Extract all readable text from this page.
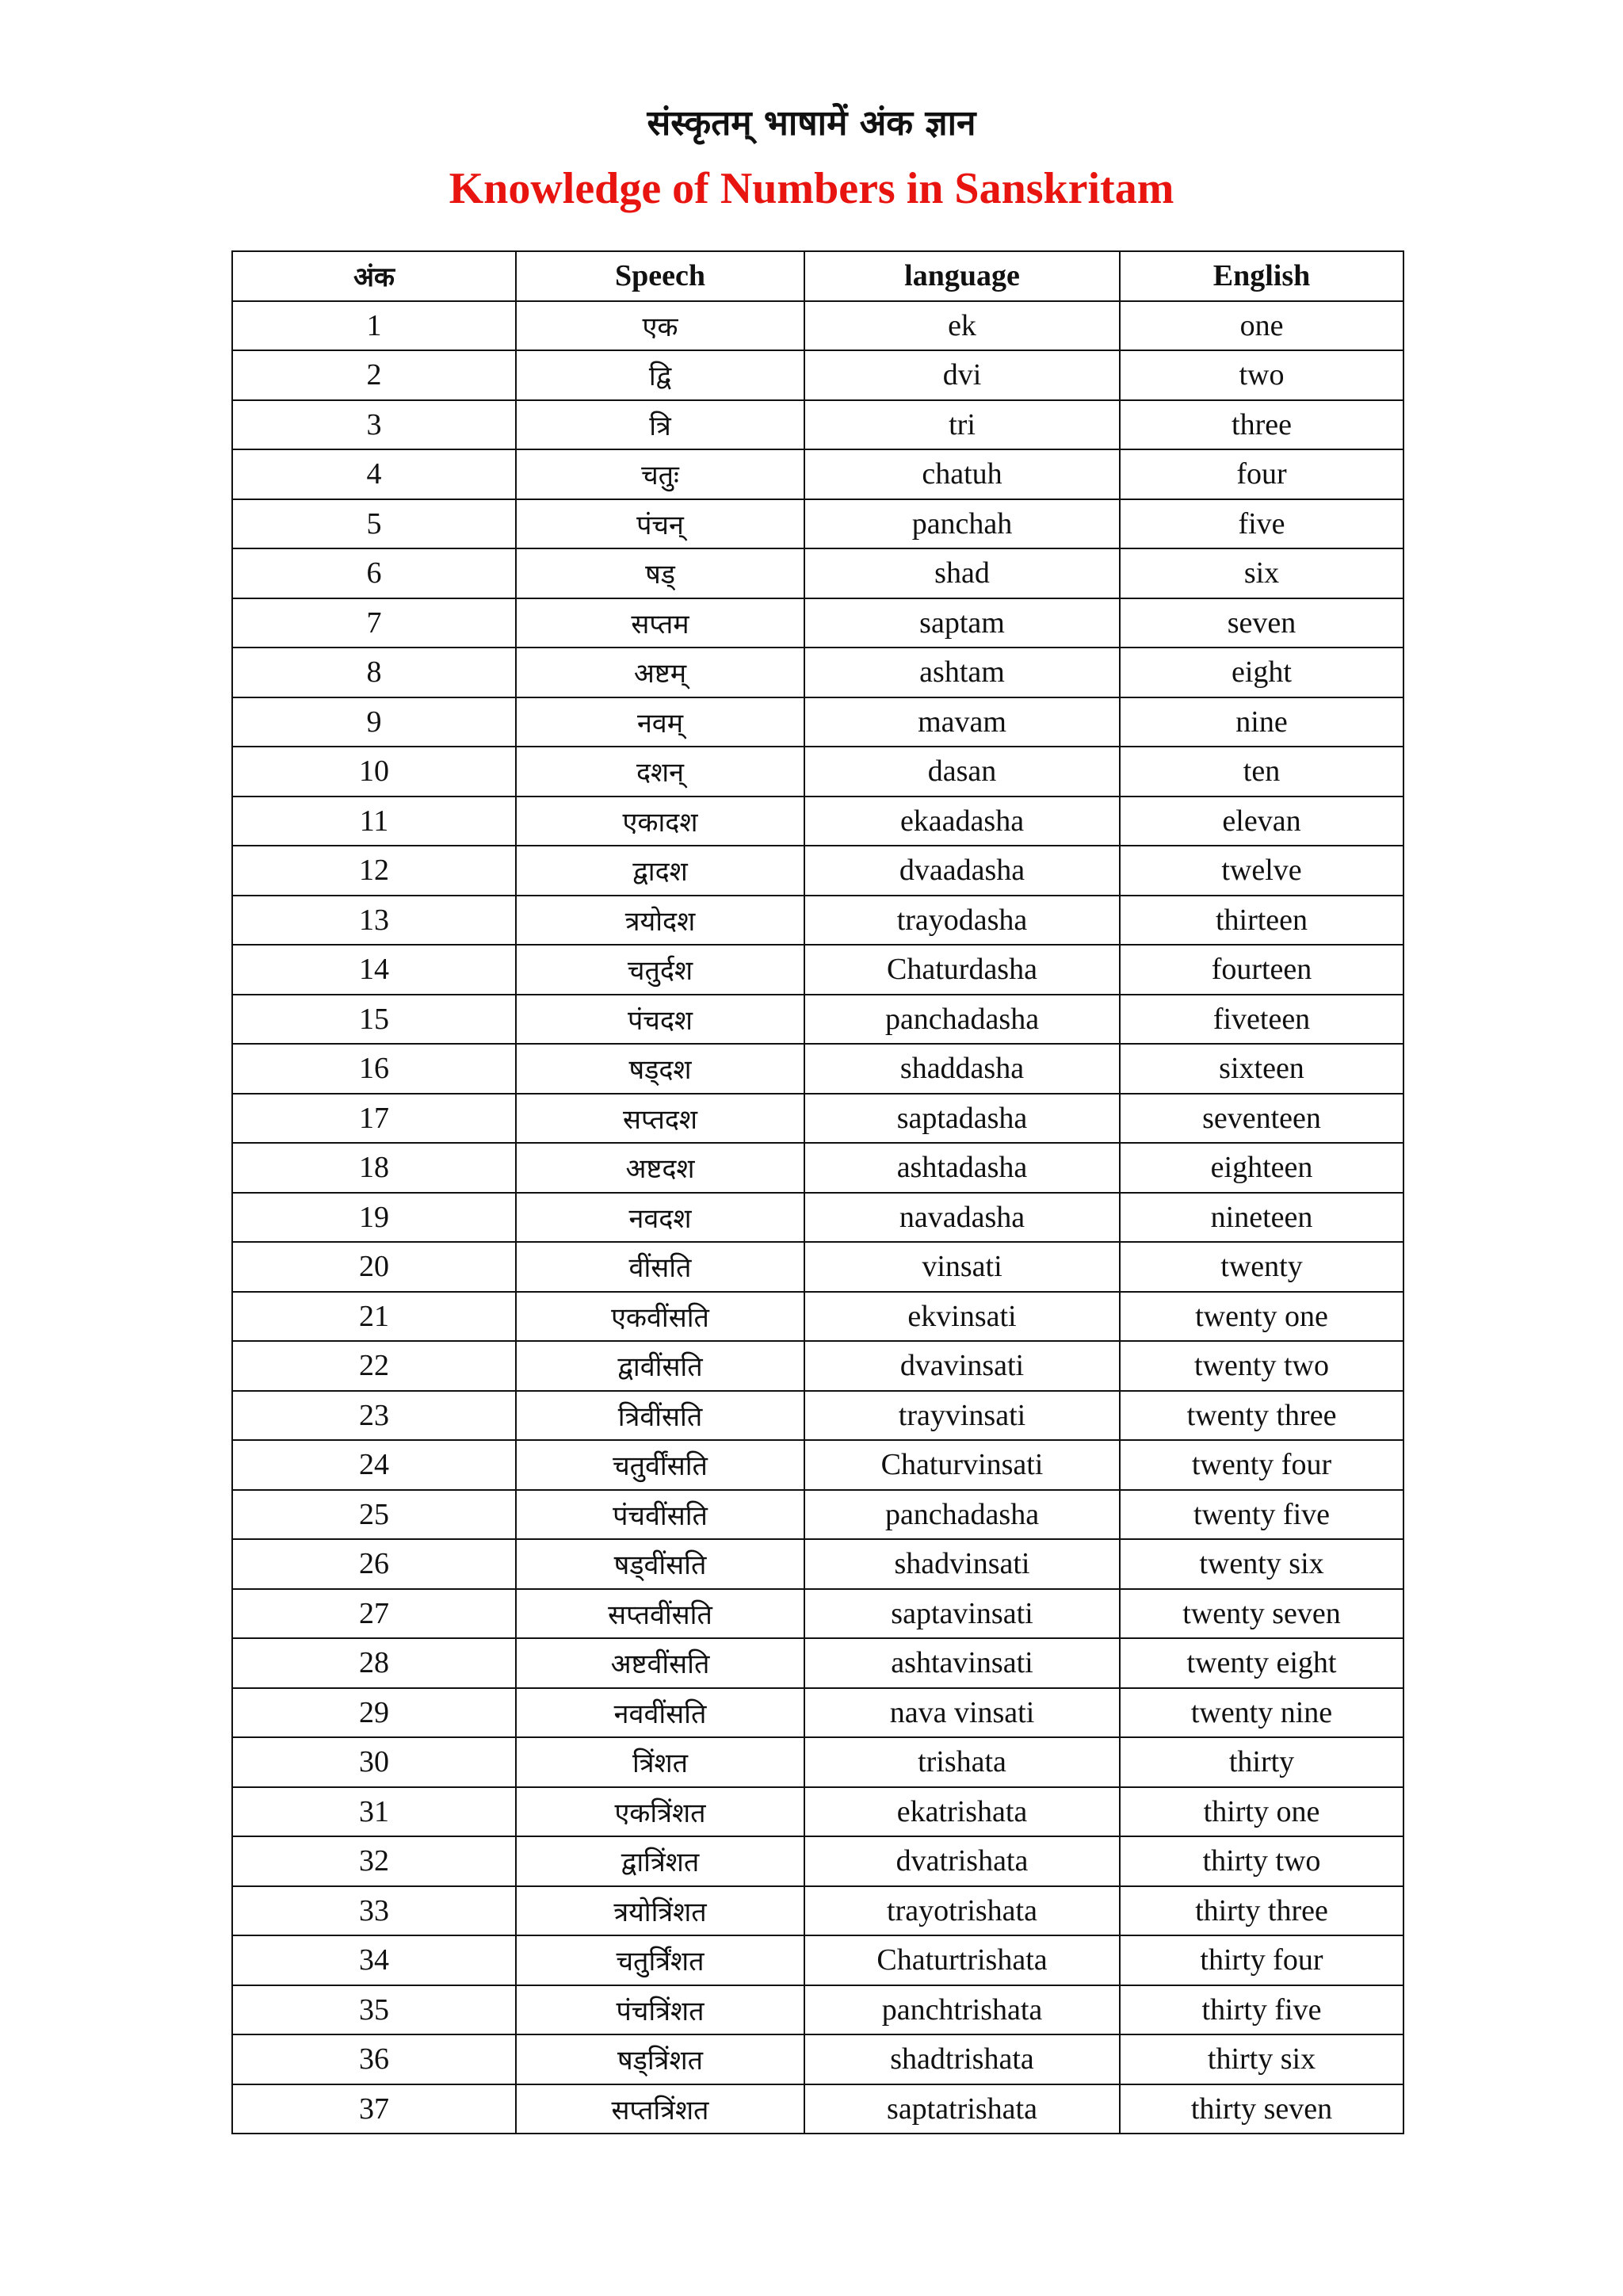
संस्कृतम् भाषामें अंक ज्ञान
Knowledge of Numbers in Sanskritam
अंक	Speech	language	English
1	एक	ek	one
2	द्वि	dvi	two
3	त्रि	tri	three
4	चतुः	chatuh	four
5	पंचन्	panchah	five
6	षड्	shad	six
7	सप्तम	saptam	seven
8	अष्टम्	ashtam	eight
9	नवम्	mavam	nine
10	दशन्	dasan	ten
11	एकादश	ekaadasha	elevan
12	द्वादश	dvaadasha	twelve
13	त्रयोदश	trayodasha	thirteen
14	चतुर्दश	Chaturdasha	fourteen
15	पंचदश	panchadasha	fiveteen
16	षड्दश	shaddasha	sixteen
17	सप्तदश	saptadasha	seventeen
18	अष्टदश	ashtadasha	eighteen
19	नवदश	navadasha	nineteen
20	वींसति	vinsati	twenty
21	एकवींसति	ekvinsati	twenty one
22	द्वावींसति	dvavinsati	twenty two
23	त्रिवींसति	trayvinsati	twenty three
24	चतुर्वींसति	Chaturvinsati	twenty four
25	पंचवींसति	panchadasha	twenty five
26	षड्वींसति	shadvinsati	twenty six
27	सप्तवींसति	saptavinsati	twenty seven
28	अष्टवींसति	ashtavinsati	twenty eight
29	नववींसति	nava vinsati	twenty nine
30	त्रिंशत	trishata	thirty
31	एकत्रिंशत	ekatrishata	thirty one
32	द्वात्रिंशत	dvatrishata	thirty two
33	त्रयोत्रिंशत	trayotrishata	thirty three
34	चतुर्त्रिंशत	Chaturtrishata	thirty four
35	पंचत्रिंशत	panchtrishata	thirty five
36	षड्त्रिंशत	shadtrishata	thirty six
37	सप्तत्रिंशत	saptatrishata	thirty seven
